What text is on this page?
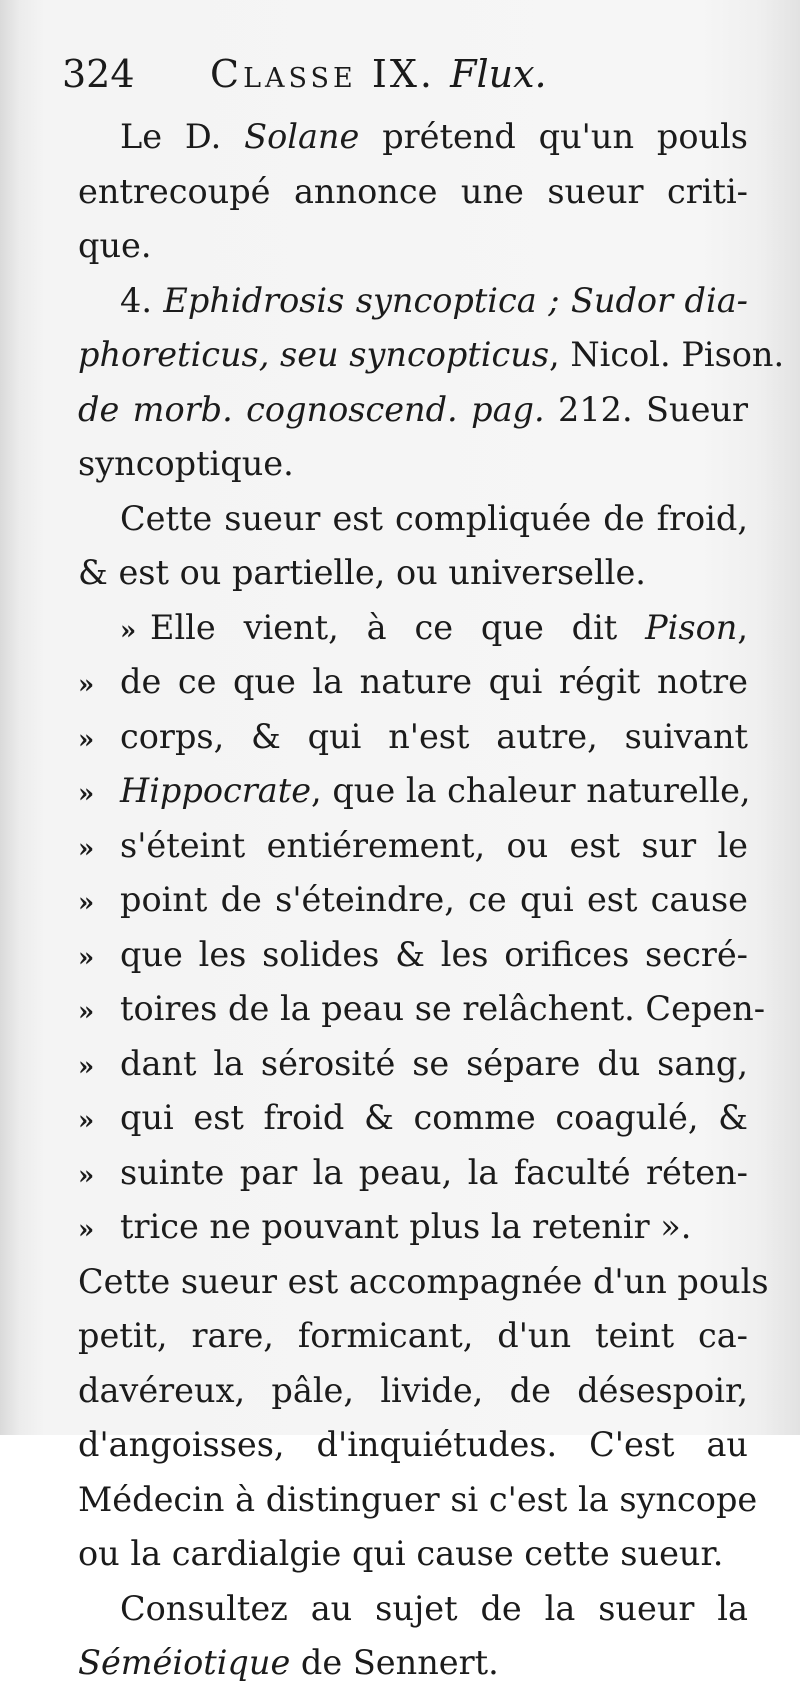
324 Classe IX. Flux.
Le D. Solane prétend qu'un pouls
entrecoupé annonce une sueur criti-
que.
4. Ephidrosis syncoptica ; Sudor dia-
phoreticus, seu syncopticus, Nicol. Pison.
de morb. cognoscend. pag. 212. Sueur
syncoptique.
Cette sueur est compliquée de froid,
& est ou partielle, ou universelle.
» Elle vient, à ce que dit Pison,
» de ce que la nature qui régit notre
» corps, & qui n'est autre, suivant
» Hippocrate, que la chaleur naturelle,
» s'éteint entiérement, ou est sur le
» point de s'éteindre, ce qui est cause
» que les solides & les orifices secré-
» toires de la peau se relâchent. Cepen-
» dant la sérosité se sépare du sang,
» qui est froid & comme coagulé, &
» suinte par la peau, la faculté réten-
» trice ne pouvant plus la retenir ».
Cette sueur est accompagnée d'un pouls
petit, rare, formicant, d'un teint ca-
davéreux, pâle, livide, de désespoir,
d'angoisses, d'inquiétudes. C'est au
Médecin à distinguer si c'est la syncope
ou la cardialgie qui cause cette sueur.
Consultez au sujet de la sueur la
Séméiotique de Sennert.
